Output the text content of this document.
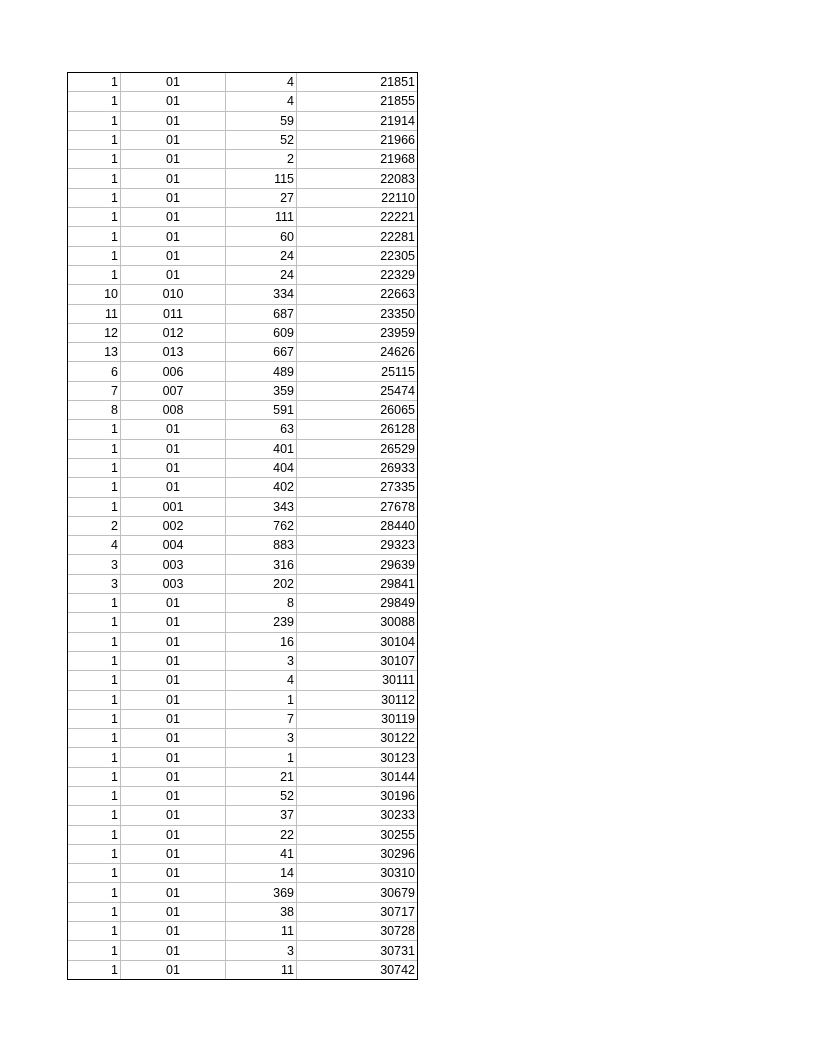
1	01	4	21851
1	01	4	21855
1	01	59	21914
1	01	52	21966
1	01	2	21968
1	01	115	22083
1	01	27	22110
1	01	111	22221
1	01	60	22281
1	01	24	22305
1	01	24	22329
10	010	334	22663
11	011	687	23350
12	012	609	23959
13	013	667	24626
6	006	489	25115
7	007	359	25474
8	008	591	26065
1	01	63	26128
1	01	401	26529
1	01	404	26933
1	01	402	27335
1	001	343	27678
2	002	762	28440
4	004	883	29323
3	003	316	29639
3	003	202	29841
1	01	8	29849
1	01	239	30088
1	01	16	30104
1	01	3	30107
1	01	4	30111
1	01	1	30112
1	01	7	30119
1	01	3	30122
1	01	1	30123
1	01	21	30144
1	01	52	30196
1	01	37	30233
1	01	22	30255
1	01	41	30296
1	01	14	30310
1	01	369	30679
1	01	38	30717
1	01	11	30728
1	01	3	30731
1	01	11	30742
